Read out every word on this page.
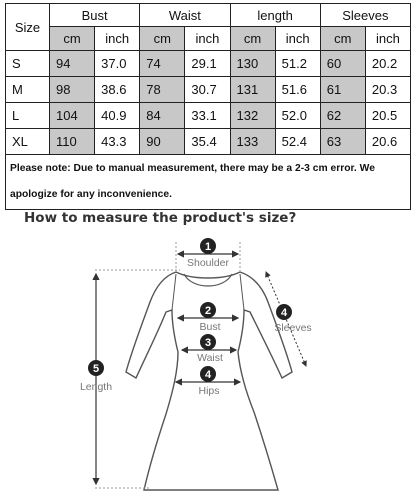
Size	Bust		Waist		length		Sleeves	
	cm	inch	cm	inch	cm	inch	cm	inch
S	94	37.0	74	29.1	130	51.2	60	20.2
M	98	38.6	78	30.7	131	51.6	61	20.3
L	104	40.9	84	33.1	132	52.0	62	20.5
XL	110	43.3	90	35.4	133	52.4	63	20.6
Please note: Due to manual measurement, there may be a 2-3 cm error. We apologize for any inconvenience.								
How to measure the product's size?
1
Shoulder
2
Bust
3
Waist
4
Hips
4
Sleeves
5
Length
